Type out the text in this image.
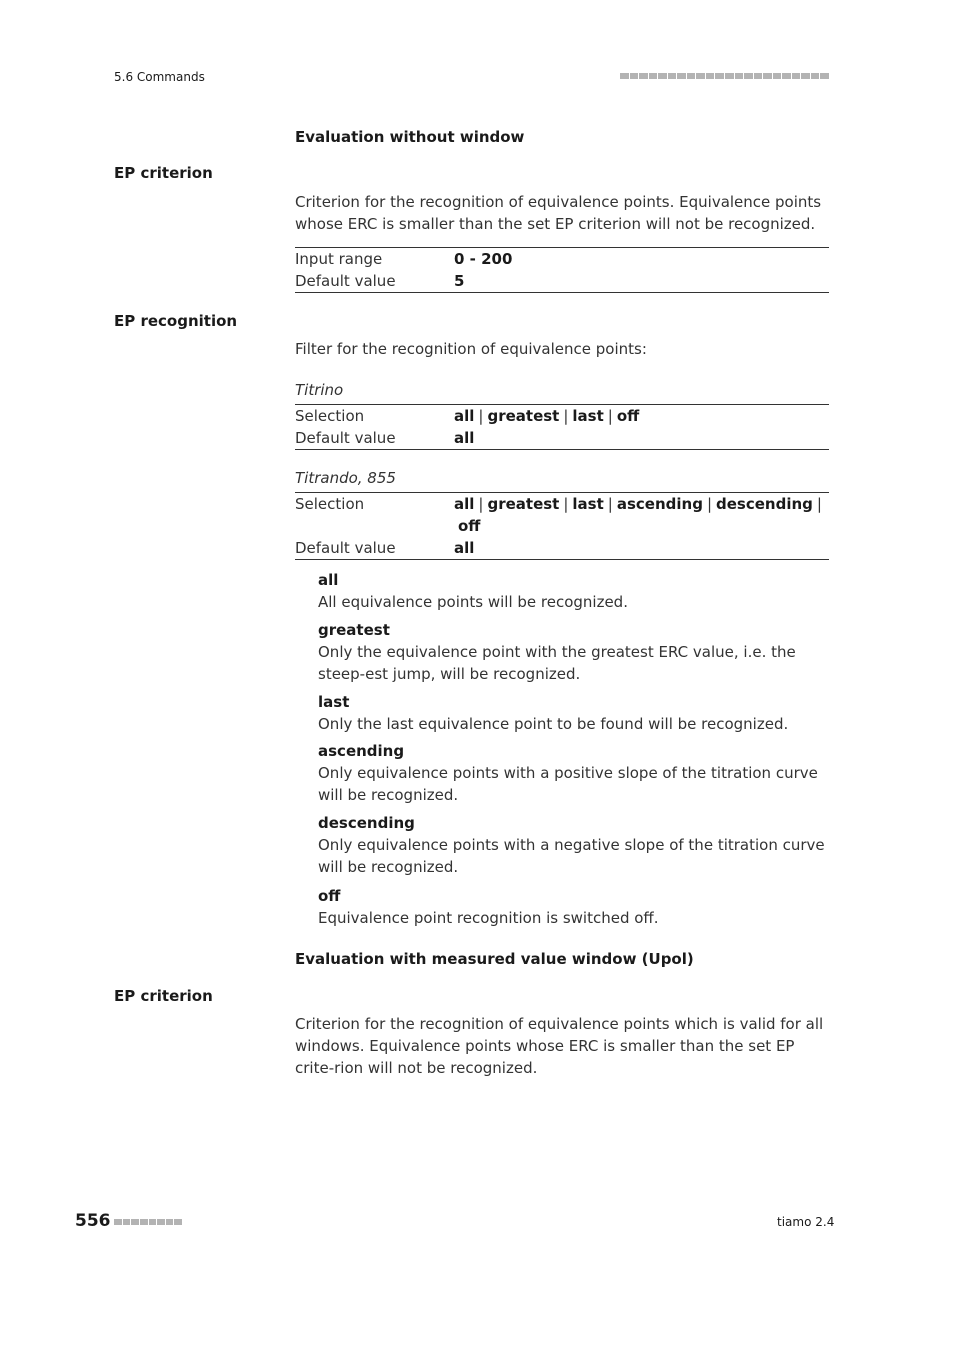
5.6 Commands
Evaluation without window
EP criterion
Criterion for the recognition of equivalence points. Equivalence points whose ERC is smaller than the set EP criterion will not be recognized.
Input range	0 - 200
Default value	5
EP recognition
Filter for the recognition of equivalence points:
Titrino
Selection	all | greatest | last | off
Default value	all
Titrando, 855
Selection	all | greatest | last | ascending | descending |
off
Default value	all
all
All equivalence points will be recognized.
greatest
Only the equivalence point with the greatest ERC value, i.e. the steep-est jump, will be recognized.
last
Only the last equivalence point to be found will be recognized.
ascending
Only equivalence points with a positive slope of the titration curve will be recognized.
descending
Only equivalence points with a negative slope of the titration curve will be recognized.
off
Equivalence point recognition is switched off.
Evaluation with measured value window (Upol)
EP criterion
Criterion for the recognition of equivalence points which is valid for all windows. Equivalence points whose ERC is smaller than the set EP crite-rion will not be recognized.
556	tiamo 2.4
